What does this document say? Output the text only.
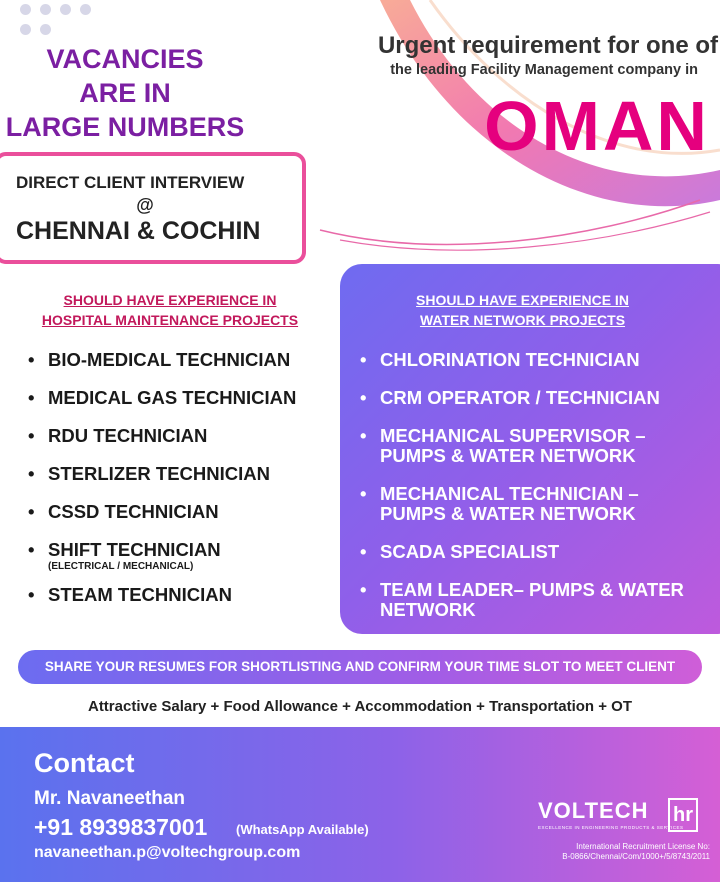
VACANCIES
ARE IN
LARGE NUMBERS
Urgent requirement for one of
the leading Facility Management company in
OMAN
DIRECT CLIENT INTERVIEW
@
CHENNAI & COCHIN
SHOULD HAVE EXPERIENCE IN
HOSPITAL MAINTENANCE PROJECTS
SHOULD HAVE EXPERIENCE IN
WATER NETWORK PROJECTS
• BIO-MEDICAL TECHNICIAN
• MEDICAL GAS TECHNICIAN
• RDU TECHNICIAN
• STERLIZER TECHNICIAN
• CSSD TECHNICIAN
• SHIFT TECHNICIAN
(ELECTRICAL / MECHANICAL)
• STEAM TECHNICIAN
• CHLORINATION TECHNICIAN
• CRM OPERATOR / TECHNICIAN
• MECHANICAL SUPERVISOR – PUMPS & WATER NETWORK
• MECHANICAL TECHNICIAN – PUMPS & WATER NETWORK
• SCADA SPECIALIST
• TEAM LEADER– PUMPS & WATER NETWORK
SHARE YOUR RESUMES FOR SHORTLISTING AND CONFIRM YOUR TIME SLOT TO MEET CLIENT
Attractive Salary + Food Allowance + Accommodation + Transportation + OT
Contact
Mr. Navaneethan
+91 8939837001 (WhatsApp Available)
navaneethan.p@voltechgroup.com
VOLTECH
EXCELLENCE IN ENGINEERING PRODUCTS & SERVICES
hr
International Recruitment License No:
B-0866/Chennai/Com/1000+/5/8743/2011
